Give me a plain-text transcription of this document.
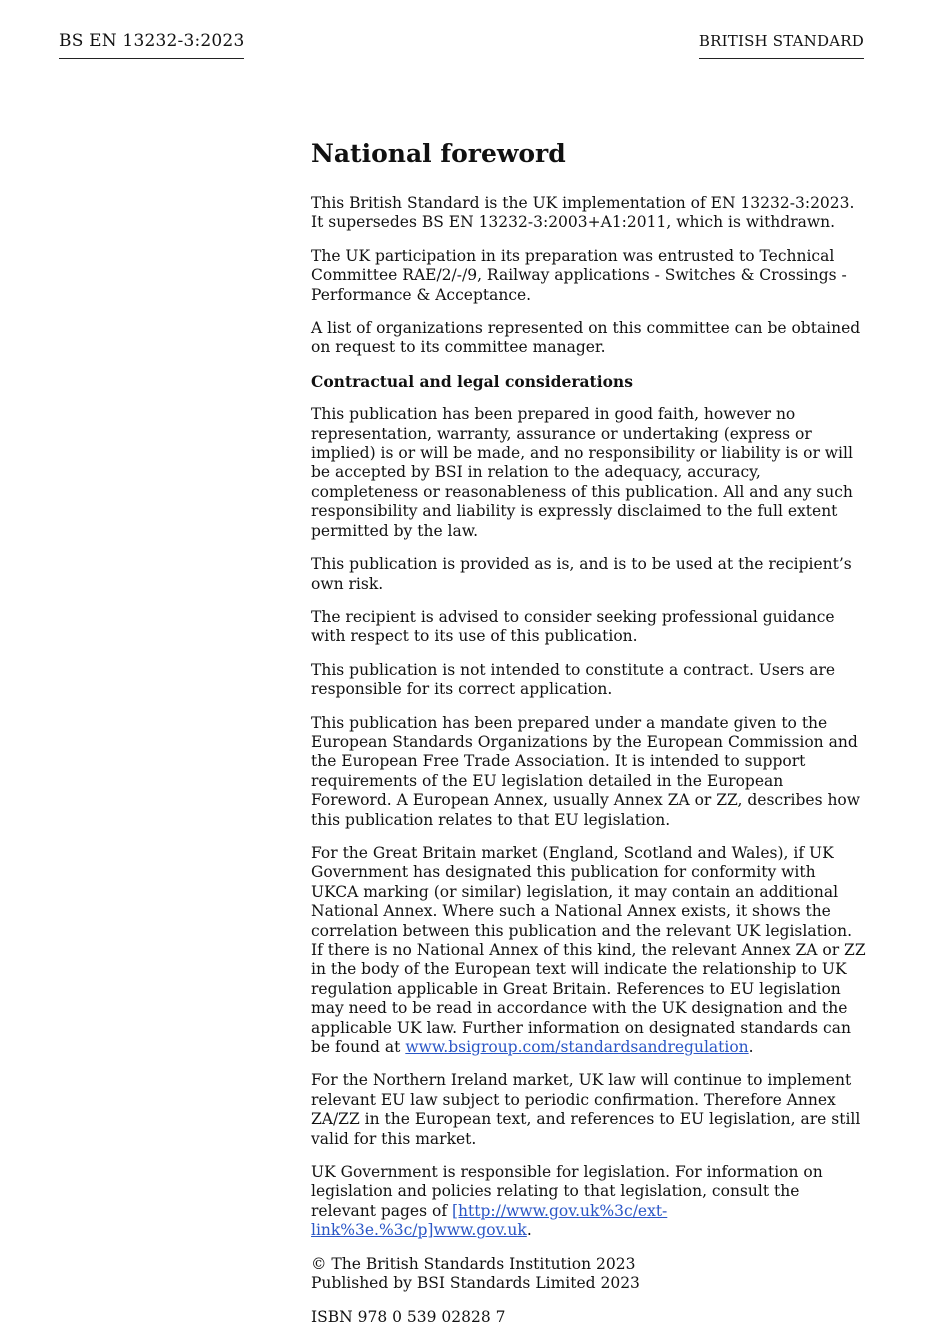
BS EN 13232-3:2023	BRITISH STANDARD
National foreword

This British Standard is the UK implementation of EN 13232-3:2023. It supersedes BS EN 13232-3:2003+A1:2011, which is withdrawn.

The UK participation in its preparation was entrusted to Technical Committee RAE/2/-/9, Railway applications - Switches & Crossings - Performance & Acceptance.

A list of organizations represented on this committee can be obtained on request to its committee manager.

Contractual and legal considerations

This publication has been prepared in good faith, however no representation, warranty, assurance or undertaking (express or implied) is or will be made, and no responsibility or liability is or will be accepted by BSI in relation to the adequacy, accuracy, completeness or reasonableness of this publication. All and any such responsibility and liability is expressly disclaimed to the full extent permitted by the law.

This publication is provided as is, and is to be used at the recipient’s own risk.

The recipient is advised to consider seeking professional guidance with respect to its use of this publication.

This publication is not intended to constitute a contract. Users are responsible for its correct application.

This publication has been prepared under a mandate given to the European Standards Organizations by the European Commission and the European Free Trade Association. It is intended to support requirements of the EU legislation detailed in the European Foreword. A European Annex, usually Annex ZA or ZZ, describes how this publication relates to that EU legislation.

For the Great Britain market (England, Scotland and Wales), if UK Government has designated this publication for conformity with UKCA marking (or similar) legislation, it may contain an additional National Annex. Where such a National Annex exists, it shows the correlation between this publication and the relevant UK legislation. If there is no National Annex of this kind, the relevant Annex ZA or ZZ in the body of the European text will indicate the relationship to UK regulation applicable in Great Britain. References to EU legislation may need to be read in accordance with the UK designation and the applicable UK law. Further information on designated standards can be found at www.bsigroup.com/standardsandregulation.

For the Northern Ireland market, UK law will continue to implement relevant EU law subject to periodic confirmation. Therefore Annex ZA/ZZ in the European text, and references to EU legislation, are still valid for this market.

UK Government is responsible for legislation. For information on legislation and policies relating to that legislation, consult the relevant pages of [http://www.gov.uk%3c/ext-link%3e.%3c/p]www.gov.uk.

© The British Standards Institution 2023
Published by BSI Standards Limited 2023

ISBN 978 0 539 02828 7
